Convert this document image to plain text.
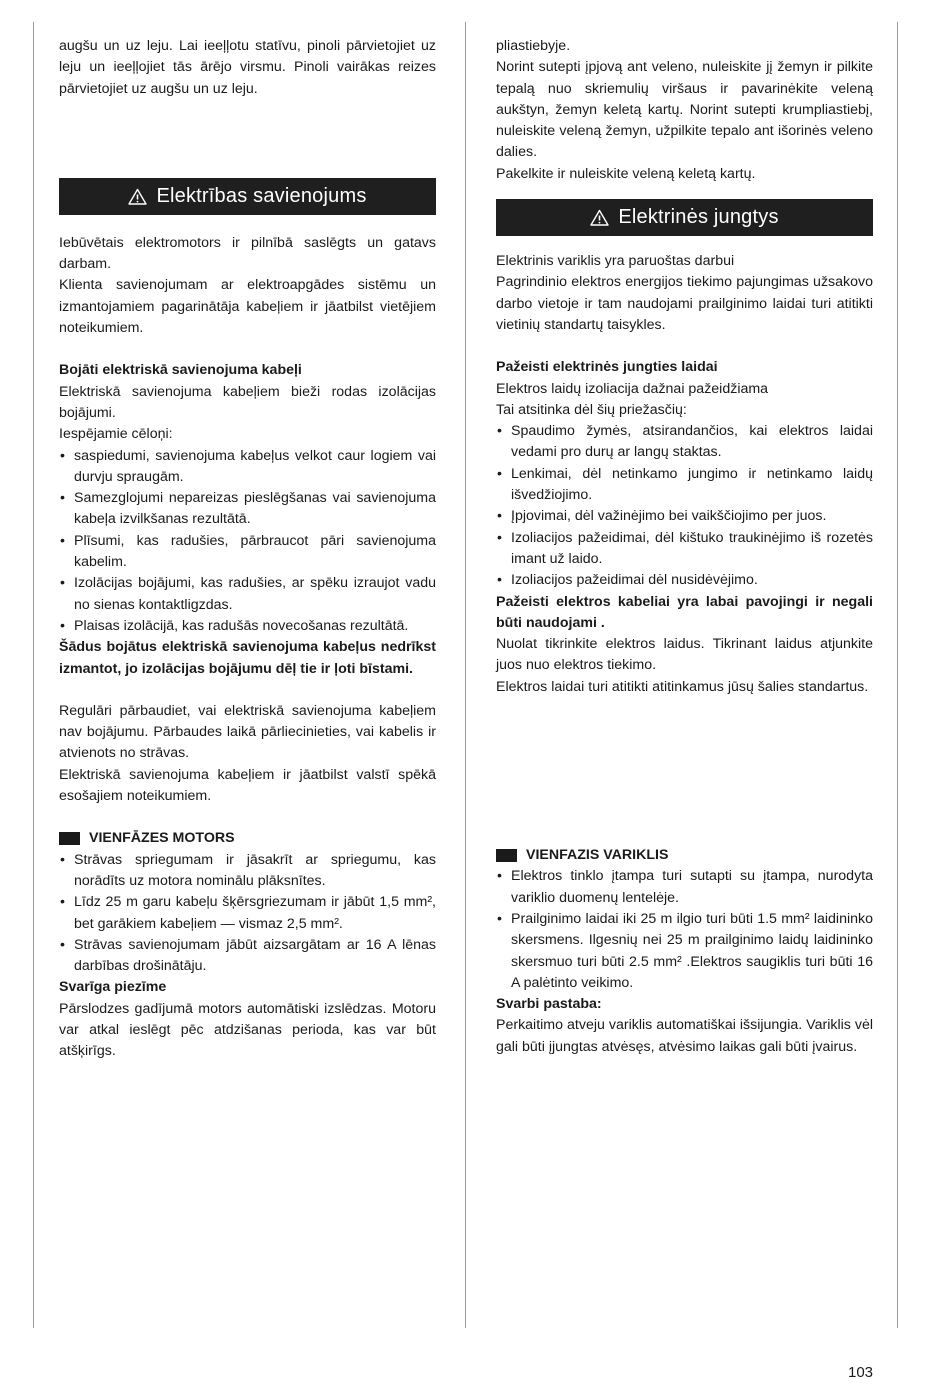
augšu un uz leju. Lai ieeļļotu statīvu, pinoli pārvietojiet uz leju un ieeļļojiet tās ārējo virsmu. Pinoli vairākas reizes pārvietojiet uz augšu un uz leju.

Elektrības savienojums

Iebūvētais elektromotors ir pilnībā saslēgts un gatavs darbam.

Klienta savienojumam ar elektroapgādes sistēmu un izmantojamiem pagarinātāja kabeļiem ir jāatbilst vietējiem noteikumiem.

Bojāti elektriskā savienojuma kabeļi

Elektriskā savienojuma kabeļiem bieži rodas izolācijas bojājumi.

Iespējamie cēloņi:

• saspiedumi, savienojuma kabeļus velkot caur logiem vai durvju spraugām.
• Samezglojumi nepareizas pieslēgšanas vai savienojuma kabeļa izvilkšanas rezultātā.
• Plīsumi, kas radušies, pārbraucot pāri savienojuma kabelim.
• Izolācijas bojājumi, kas radušies, ar spēku izraujot vadu no sienas kontaktligzdas.
• Plaisas izolācijā, kas radušās novecošanas rezultātā.

Šādus bojātus elektriskā savienojuma kabeļus nedrīkst izmantot, jo izolācijas bojājumu dēļ tie ir ļoti bīstami.

Regulāri pārbaudiet, vai elektriskā savienojuma kabeļiem nav bojājumu. Pārbaudes laikā pārliecinieties, vai kabelis ir atvienots no strāvas.

Elektriskā savienojuma kabeļiem ir jāatbilst valstī spēkā esošajiem noteikumiem.

VIENFĀZES MOTORS
• Strāvas spriegumam ir jāsakrīt ar spriegumu, kas norādīts uz motora nominālu plāksnītes.
• Līdz 25 m garu kabeļu šķērsgriezumam ir jābūt 1,5 mm², bet garākiem kabeļiem — vismaz 2,5 mm².
• Strāvas savienojumam jābūt aizsargātam ar 16 A lēnas darbības drošinātāju.

Svarīga piezīme

Pārslodzes gadījumā motors automātiski izslēdzas. Motoru var atkal ieslēgt pēc atdzišanas perioda, kas var būt atšķirīgs.

pliastiebyje.

Norint sutepti įpjovą ant veleno, nuleiskite jį žemyn ir pilkite tepalą nuo skriemulių viršaus ir pavarinėkite veleną aukštyn, žemyn keletą kartų. Norint sutepti krumpliastiebį, nuleiskite veleną žemyn, užpilkite tepalo ant išorinės veleno dalies.

Pakelkite ir nuleiskite veleną keletą kartų.

Elektrinės jungtys

Elektrinis variklis yra paruoštas darbui

Pagrindinio elektros energijos tiekimo pajungimas užsakovo darbo vietoje ir tam naudojami prailginimo laidai turi atitikti vietinių standartų taisykles.

Pažeisti elektrinės jungties laidai

Elektros laidų izoliacija dažnai pažeidžiama

Tai atsitinka dėl šių priežasčių:

• Spaudimo žymės, atsirandančios, kai elektros laidai vedami pro durų ar langų staktas.
• Lenkimai, dėl netinkamo jungimo ir netinkamo laidų išvedžiojimo.
• Įpjovimai, dėl važinėjimo bei vaikščiojimo per juos.
• Izoliacijos pažeidimai, dėl kištuko traukinėjimo iš rozetės imant už laido.
• Izoliacijos pažeidimai dėl nusidėvėjimo.

Pažeisti elektros kabeliai yra labai pavojingi ir negali būti naudojami .

Nuolat tikrinkite elektros laidus. Tikrinant laidus atjunkite juos nuo elektros tiekimo.

Elektros laidai turi atitikti atitinkamus jūsų šalies standartus.

VIENFAZIS VARIKLIS
• Elektros tinklo įtampa turi sutapti su įtampa, nurodyta variklio duomenų lentelėje.
• Prailginimo laidai iki 25 m ilgio turi būti 1.5 mm² laidininko skersmens. Ilgesnių nei 25 m prailginimo laidų laidininko skersmuo turi būti 2.5 mm² .Elektros saugiklis turi būti 16 A palėtinto veikimo.

Svarbi pastaba:

Perkaitimo atveju variklis automatiškai išsijungia. Variklis vėl gali būti įjungtas atvėsęs, atvėsimo laikas gali būti įvairus.

103
